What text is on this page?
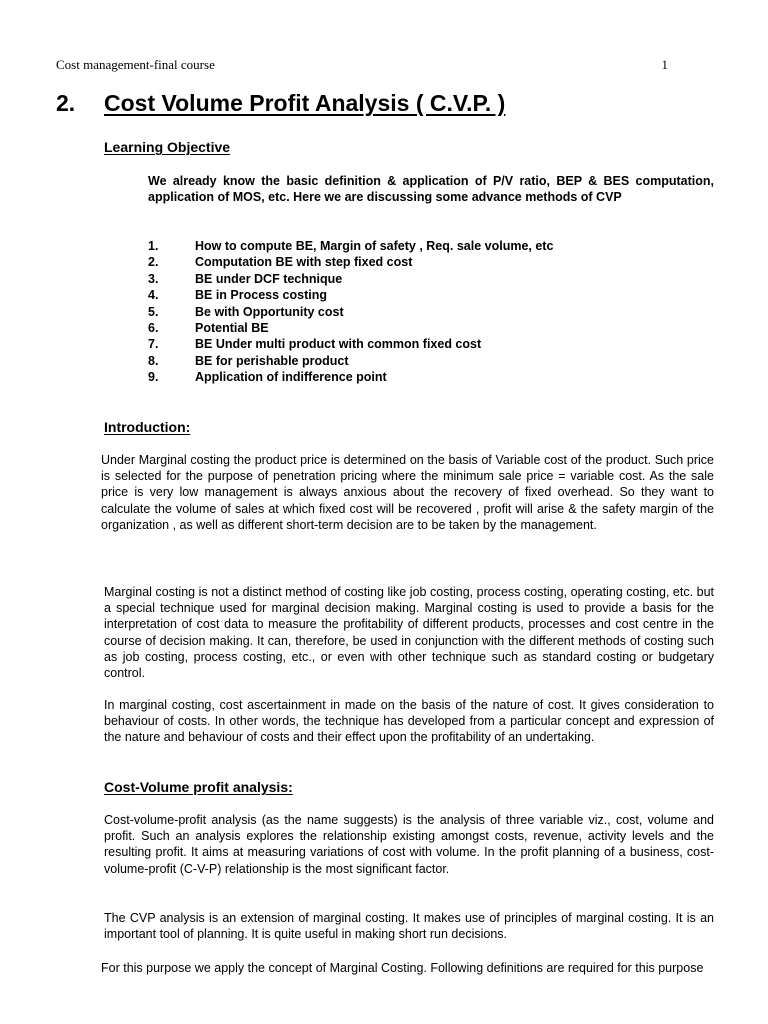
Cost management-final course	1
2. Cost Volume Profit Analysis ( C.V.P. )
Learning Objective
We already know the basic definition & application of P/V ratio, BEP & BES computation, application of MOS, etc. Here we are discussing some advance methods of CVP
1.	How to compute BE, Margin of safety , Req. sale volume, etc
2.	Computation BE with step fixed cost
3.	BE under DCF technique
4.	BE in Process costing
5.	Be with Opportunity cost
6.	Potential BE
7.	BE Under multi product with common fixed cost
8.	BE for perishable product
9.	Application of indifference point
Introduction:
Under Marginal costing the product price is determined on the basis of Variable cost of the product. Such price is selected for the purpose of penetration pricing where the minimum sale price = variable cost. As the sale price is very low management is always anxious about the recovery of fixed overhead. So they want to calculate the volume of sales at which fixed cost will be recovered , profit will arise & the safety margin of the organization , as well as different short-term decision are to be taken by the management.
Marginal costing is not a distinct method of costing like job costing, process costing, operating costing, etc. but a special technique used for marginal decision making. Marginal costing is used to provide a basis for the interpretation of cost data to measure the profitability of different products, processes and cost centre in the course of decision making. It can, therefore, be used in conjunction with the different methods of costing such as job costing, process costing, etc., or even with other technique such as standard costing or budgetary control.
In marginal costing, cost ascertainment in made on the basis of the nature of cost. It gives consideration to behaviour of costs. In other words, the technique has developed from a particular concept and expression of the nature and behaviour of costs and their effect upon the profitability of an undertaking.
Cost-Volume profit analysis:
Cost-volume-profit analysis (as the name suggests) is the analysis of three variable viz., cost, volume and profit. Such an analysis explores the relationship existing amongst costs, revenue, activity levels and the resulting profit. It aims at measuring variations of cost with volume. In the profit planning of a business, cost-volume-profit (C-V-P) relationship is the most significant factor.
The CVP analysis is an extension of marginal costing. It makes use of principles of marginal costing. It is an important tool of planning. It is quite useful in making short run decisions.
For this purpose we apply the concept of Marginal Costing. Following definitions are required for this purpose
